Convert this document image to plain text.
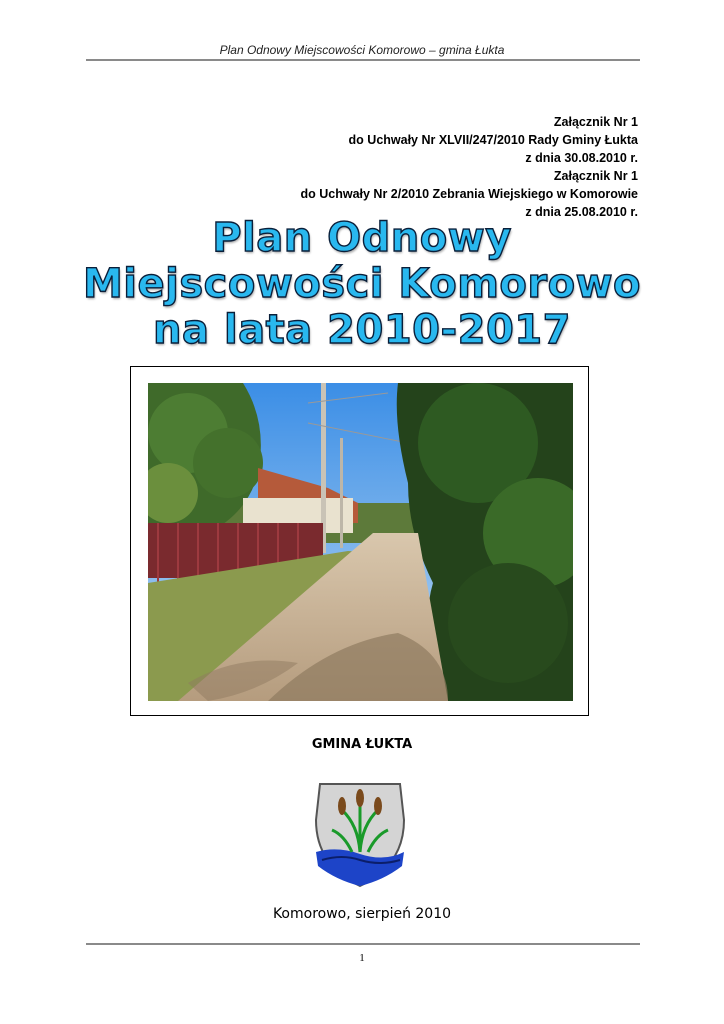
Plan Odnowy Miejscowości Komorowo – gmina Łukta
Załącznik Nr 1
do Uchwały Nr XLVII/247/2010 Rady Gminy Łukta
z dnia 30.08.2010 r.
Załącznik Nr 1
do Uchwały Nr 2/2010 Zebrania Wiejskiego w Komorowie
z dnia 25.08.2010 r.
Plan Odnowy
Miejscowości Komorowo
na lata 2010-2017
GMINA ŁUKTA
Komorowo, sierpień 2010
1
